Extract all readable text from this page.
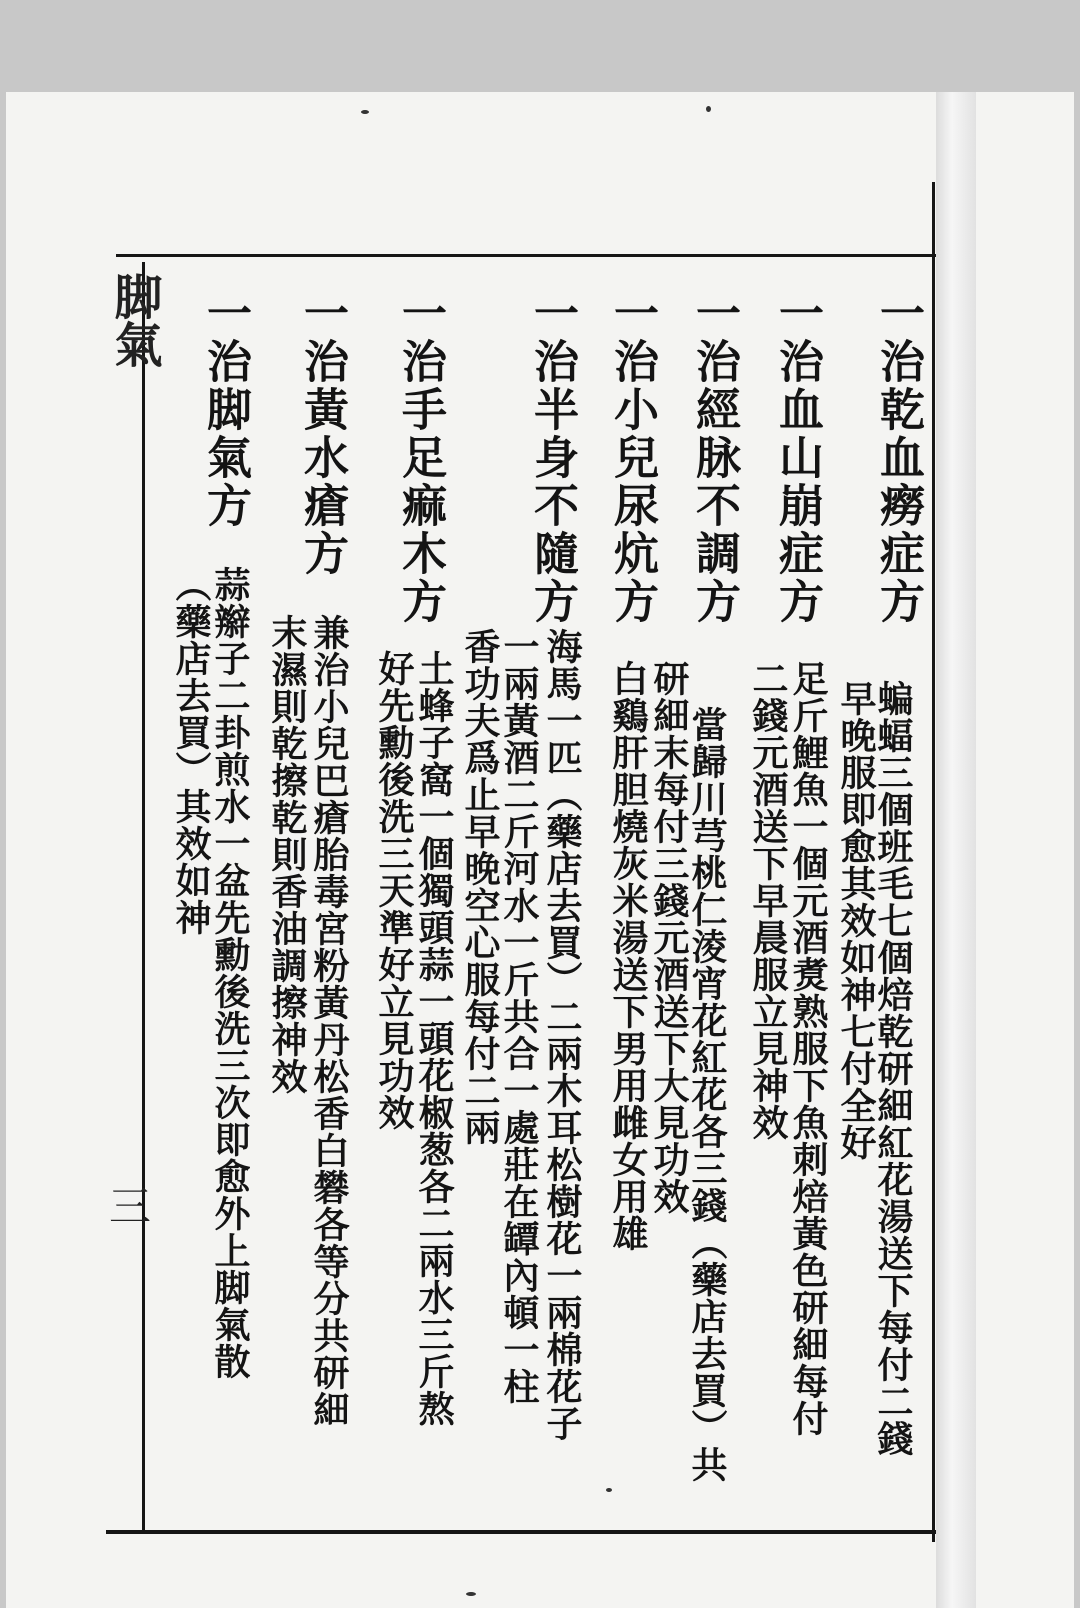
一治乾血癆症方
蝙蝠三個班毛七個焙乾研細紅花湯送下每付二錢
早晚服即愈其效如神七付全好
一治血山崩症方
足斤鯉魚一個元酒煑熟服下魚刺焙黃色研細每付
二錢元酒送下早晨服立見神效
一治經脉不調方
當歸川芎桃仁淩宵花紅花各三錢（藥店去買）共
研細末每付三錢元酒送下大見功效
一治小兒尿炕方
白鷄肝胆燒灰米湯送下男用雌女用雄
一治半身不隨方
海馬一匹（藥店去買）二兩木耳松樹花一兩棉花子
一兩黃酒二斤河水一斤共合一處莊在罈內頓一柱
香功夫爲止早晚空心服每付二兩
一治手足痲木方
土蜂子窩一個獨頭蒜一頭花椒葱各二兩水三斤熬
好先勳後洗三天準好立見功效
一治黃水瘡方
兼治小兒巴瘡胎毒宮粉黃丹松香白礬各等分共研細
末濕則乾擦乾則香油調擦神效
一治脚氣方
蒜辮子二卦煎水一盆先勳後洗三次即愈外上脚氣散
（藥店去買）其效如神
脚氣
三
